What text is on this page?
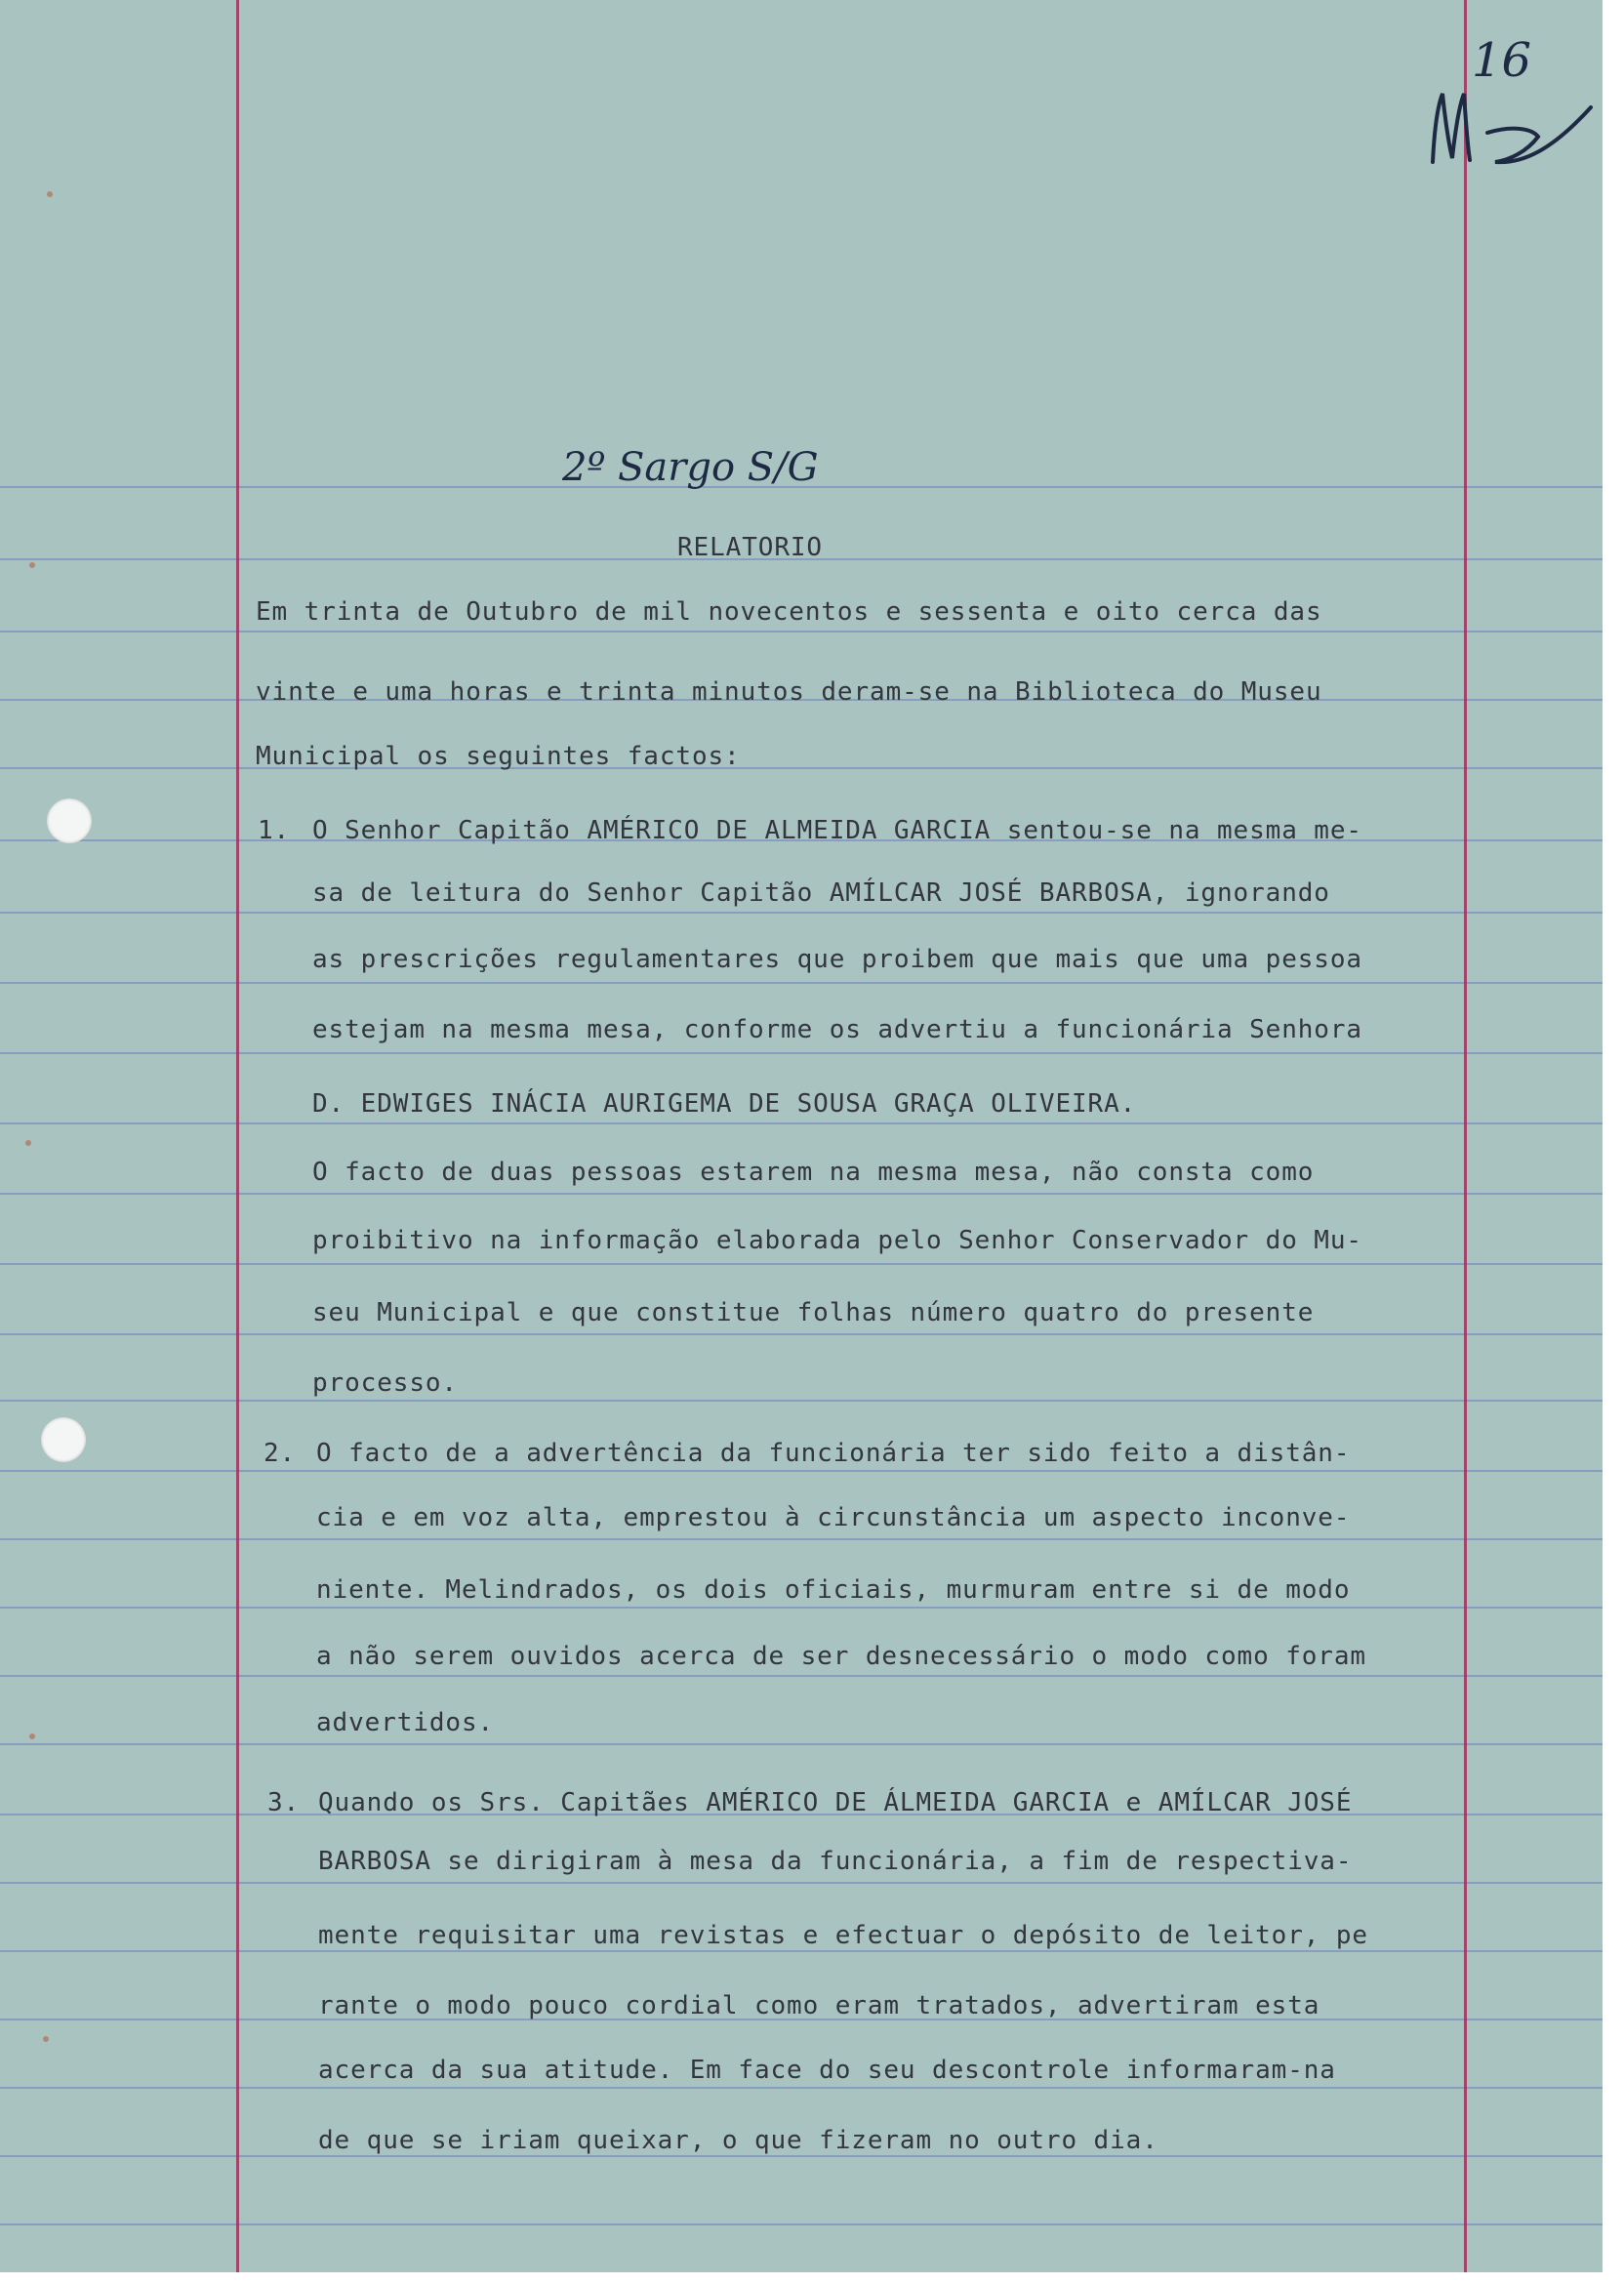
16
2º Sargo S/G

RELATORIO

Em trinta de Outubro de mil novecentos e sessenta e oito cerca das

vinte e uma horas e trinta minutos deram-se na Biblioteca do Museu

Municipal os seguintes factos:

1. O Senhor Capitão AMÉRICO DE ALMEIDA GARCIA sentou-se na mesma me-

sa de leitura do Senhor Capitão AMÍLCAR JOSÉ BARBOSA, ignorando

as prescrições regulamentares que proibem que mais que uma pessoa

estejam na mesma mesa, conforme os advertiu a funcionária Senhora

D. EDWIGES INÁCIA AURIGEMA DE SOUSA GRAÇA OLIVEIRA.

O facto de duas pessoas estarem na mesma mesa, não consta como

proibitivo na informação elaborada pelo Senhor Conservador do Mu-

seu Municipal e que constitue folhas número quatro do presente

processo.

2. O facto de a advertência da funcionária ter sido feito a distân-

cia e em voz alta, emprestou à circunstância um aspecto inconve-

niente. Melindrados, os dois oficiais, murmuram entre si de modo

a não serem ouvidos acerca de ser desnecessário o modo como foram

advertidos.

3. Quando os Srs. Capitães AMÉRICO DE ÁLMEIDA GARCIA e AMÍLCAR JOSÉ

BARBOSA se dirigiram à mesa da funcionária, a fim de respectiva-

mente requisitar uma revistas e efectuar o depósito de leitor, pe

rante o modo pouco cordial como eram tratados, advertiram esta

acerca da sua atitude. Em face do seu descontrole informaram-na

de que se iriam queixar, o que fizeram no outro dia.
